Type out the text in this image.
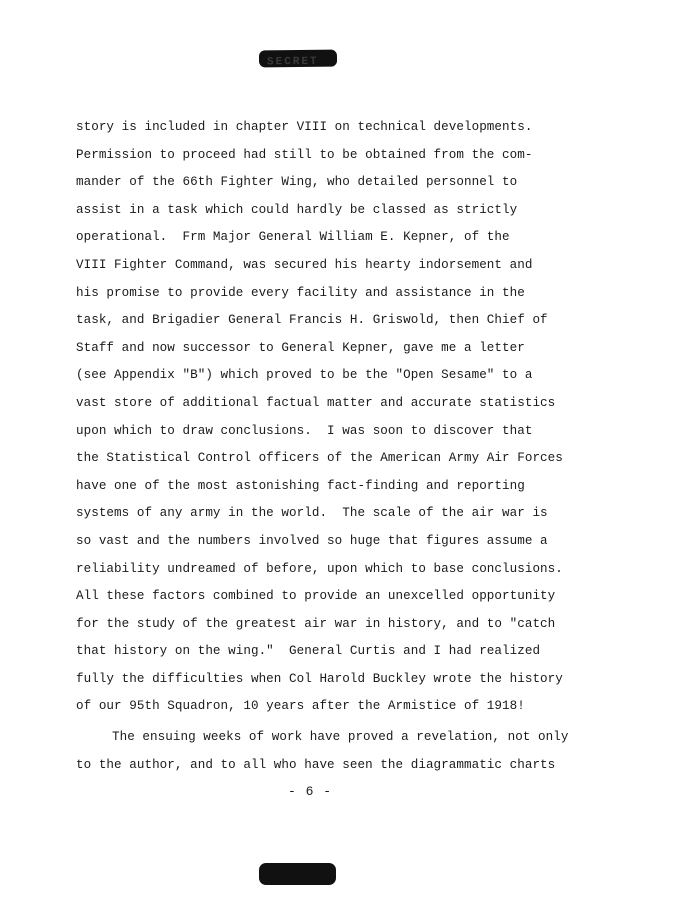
SECRET
story is included in chapter VIII on technical developments.
Permission to proceed had still to be obtained from the com-
mander of the 66th Fighter Wing, who detailed personnel to
assist in a task which could hardly be classed as strictly
operational.  Frm Major General William E. Kepner, of the
VIII Fighter Command, was secured his hearty indorsement and
his promise to provide every facility and assistance in the
task, and Brigadier General Francis H. Griswold, then Chief of
Staff and now successor to General Kepner, gave me a letter
(see Appendix "B") which proved to be the "Open Sesame" to a
vast store of additional factual matter and accurate statistics
upon which to draw conclusions.  I was soon to discover that
the Statistical Control officers of the American Army Air Forces
have one of the most astonishing fact-finding and reporting
systems of any army in the world.  The scale of the air war is
so vast and the numbers involved so huge that figures assume a
reliability undreamed of before, upon which to base conclusions.
All these factors combined to provide an unexcelled opportunity
for the study of the greatest air war in history, and to "catch
that history on the wing."  General Curtis and I had realized
fully the difficulties when Col Harold Buckley wrote the history
of our 95th Squadron, 10 years after the Armistice of 1918!
The ensuing weeks of work have proved a revelation, not only
to the author, and to all who have seen the diagrammatic charts
- 6 -
